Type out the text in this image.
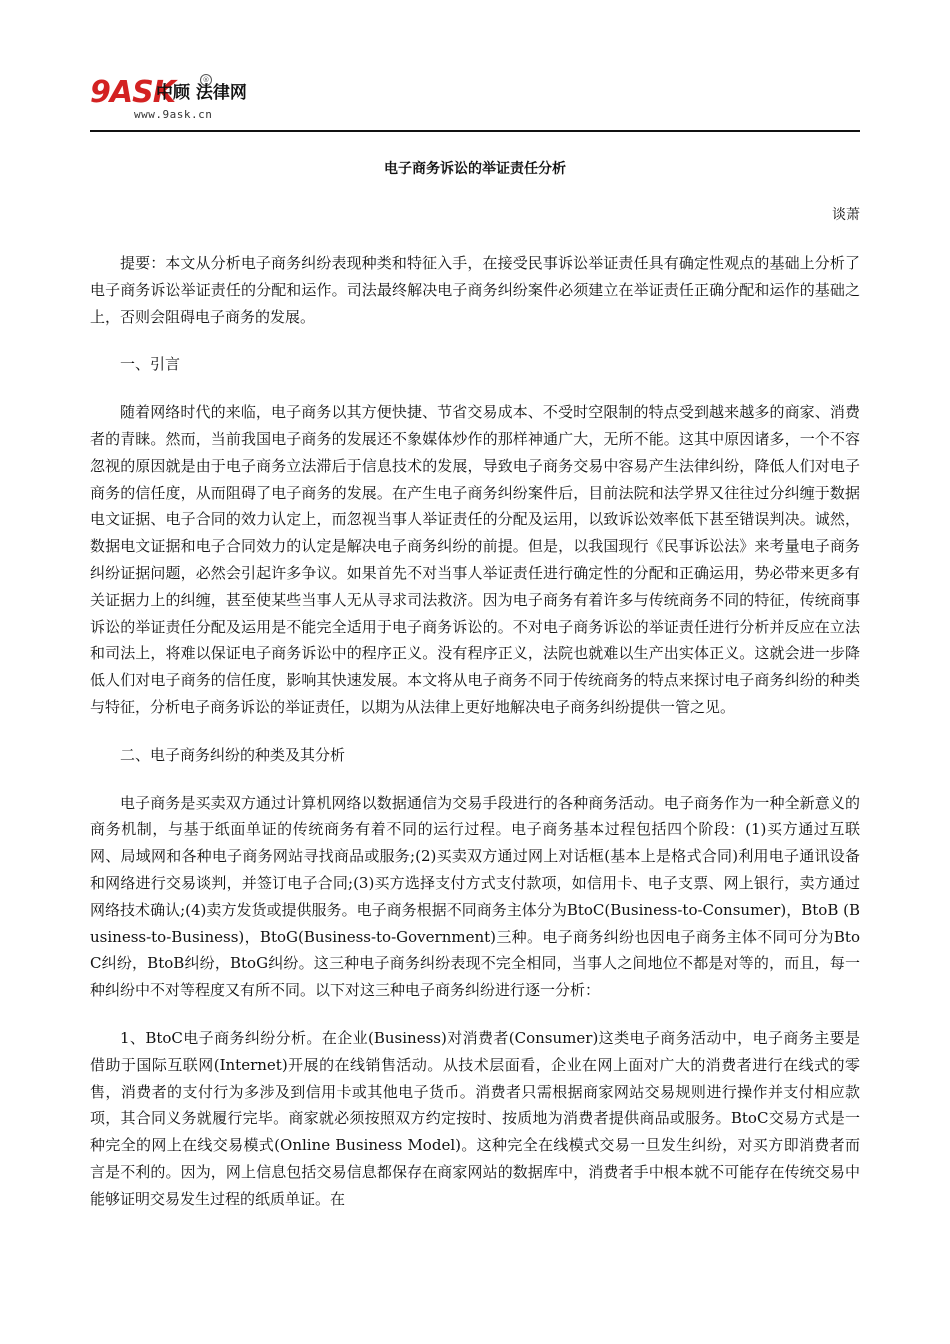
9ASK	®
中顾 法律网
www.9ask.cn
电子商务诉讼的举证责任分析
谈萧

提要：本文从分析电子商务纠纷表现种类和特征入手，在接受民事诉讼举证责任具有确定性观点的基础上分析了电子商务诉讼举证责任的分配和运作。司法最终解决电子商务纠纷案件必须建立在举证责任正确分配和运作的基础之上，否则会阻碍电子商务的发展。

一、引言

随着网络时代的来临，电子商务以其方便快捷、节省交易成本、不受时空限制的特点受到越来越多的商家、消费者的青睐。然而，当前我国电子商务的发展还不象媒体炒作的那样神通广大，无所不能。这其中原因诸多，一个不容忽视的原因就是由于电子商务立法滞后于信息技术的发展，导致电子商务交易中容易产生法律纠纷，降低人们对电子商务的信任度，从而阻碍了电子商务的发展。在产生电子商务纠纷案件后，目前法院和法学界又往往过分纠缠于数据电文证据、电子合同的效力认定上，而忽视当事人举证责任的分配及运用，以致诉讼效率低下甚至错误判决。诚然，数据电文证据和电子合同效力的认定是解决电子商务纠纷的前提。但是，以我国现行《民事诉讼法》来考量电子商务纠纷证据问题，必然会引起许多争议。如果首先不对当事人举证责任进行确定性的分配和正确运用，势必带来更多有关证据力上的纠缠，甚至使某些当事人无从寻求司法救济。因为电子商务有着许多与传统商务不同的特征，传统商事诉讼的举证责任分配及运用是不能完全适用于电子商务诉讼的。不对电子商务诉讼的举证责任进行分析并反应在立法和司法上，将难以保证电子商务诉讼中的程序正义。没有程序正义，法院也就难以生产出实体正义。这就会进一步降低人们对电子商务的信任度，影响其快速发展。本文将从电子商务不同于传统商务的特点来探讨电子商务纠纷的种类与特征，分析电子商务诉讼的举证责任，以期为从法律上更好地解决电子商务纠纷提供一管之见。

二、电子商务纠纷的种类及其分析

电子商务是买卖双方通过计算机网络以数据通信为交易手段进行的各种商务活动。电子商务作为一种全新意义的商务机制，与基于纸面单证的传统商务有着不同的运行过程。电子商务基本过程包括四个阶段：(1)买方通过互联网、局域网和各种电子商务网站寻找商品或服务;(2)买卖双方通过网上对话框(基本上是格式合同)利用电子通讯设备和网络进行交易谈判，并签订电子合同;(3)买方选择支付方式支付款项，如信用卡、电子支票、网上银行，卖方通过网络技术确认;(4)卖方发货或提供服务。电子商务根据不同商务主体分为BtoC(Business-to-Consumer)，BtoB (Business-to-Business)，BtoG(Business-to-Government)三种。电子商务纠纷也因电子商务主体不同可分为BtoC纠纷，BtoB纠纷，BtoG纠纷。这三种电子商务纠纷表现不完全相同，当事人之间地位不都是对等的，而且，每一种纠纷中不对等程度又有所不同。以下对这三种电子商务纠纷进行逐一分析：

1、BtoC电子商务纠纷分析。在企业(Business)对消费者(Consumer)这类电子商务活动中，电子商务主要是借助于国际互联网(Internet)开展的在线销售活动。从技术层面看，企业在网上面对广大的消费者进行在线式的零售，消费者的支付行为多涉及到信用卡或其他电子货币。消费者只需根据商家网站交易规则进行操作并支付相应款项，其合同义务就履行完毕。商家就必须按照双方约定按时、按质地为消费者提供商品或服务。BtoC交易方式是一种完全的网上在线交易模式(Online Business Model)。这种完全在线模式交易一旦发生纠纷，对买方即消费者而言是不利的。因为，网上信息包括交易信息都保存在商家网站的数据库中，消费者手中根本就不可能存在传统交易中能够证明交易发生过程的纸质单证。在
